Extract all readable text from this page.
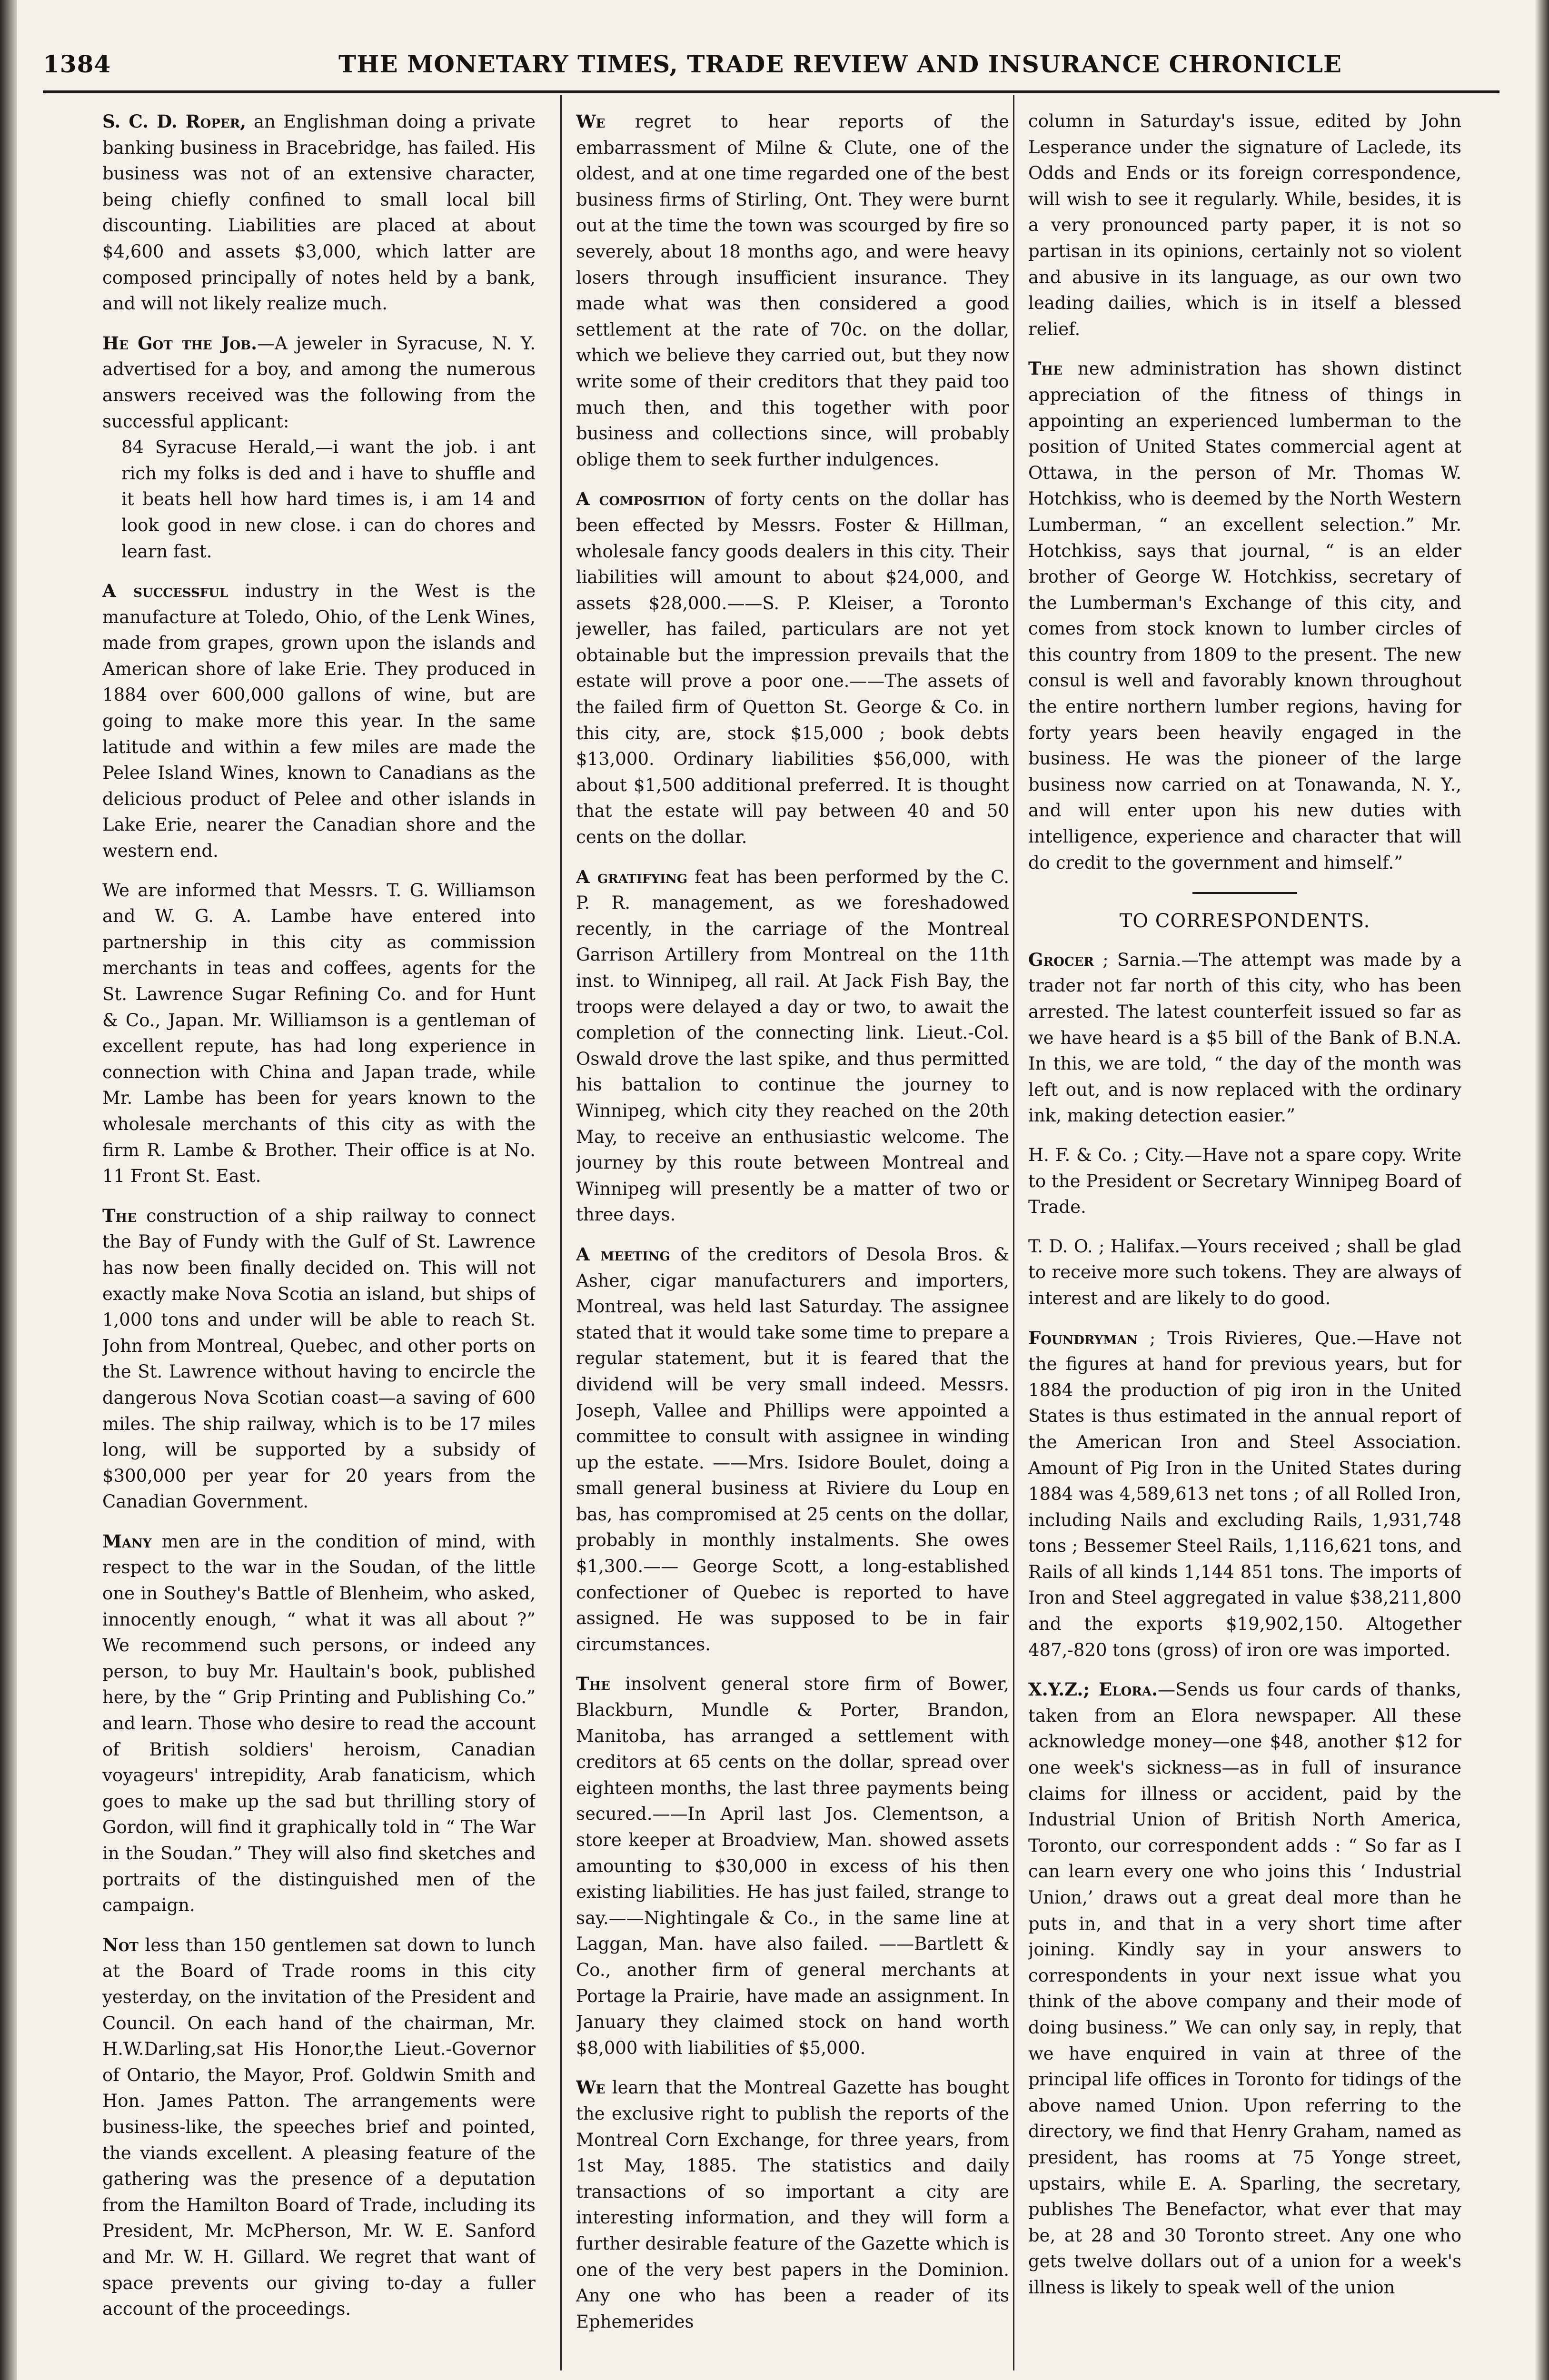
1384	THE MONETARY TIMES, TRADE REVIEW AND INSURANCE CHRONICLE

S. C. D. Roper, an Englishman doing a private banking business in Bracebridge, has failed. His business was not of an extensive character, being chiefly confined to small local bill discounting. Liabilities are placed at about $4,600 and assets $3,000, which latter are composed principally of notes held by a bank, and will not likely realize much.

He Got the Job.—A jeweler in Syracuse, N. Y. advertised for a boy, and among the numerous answers received was the following from the successful applicant:

84 Syracuse Herald,—i want the job. i ant rich my folks is ded and i have to shuffle and it beats hell how hard times is, i am 14 and look good in new close. i can do chores and learn fast.

A successful industry in the West is the manufacture at Toledo, Ohio, of the Lenk Wines, made from grapes, grown upon the islands and American shore of lake Erie. They produced in 1884 over 600,000 gallons of wine, but are going to make more this year. In the same latitude and within a few miles are made the Pelee Island Wines, known to Canadians as the delicious product of Pelee and other islands in Lake Erie, nearer the Canadian shore and the western end.

We are informed that Messrs. T. G. Williamson and W. G. A. Lambe have entered into partnership in this city as commission merchants in teas and coffees, agents for the St. Lawrence Sugar Refining Co. and for Hunt & Co., Japan. Mr. Williamson is a gentleman of excellent repute, has had long experience in connection with China and Japan trade, while Mr. Lambe has been for years known to the wholesale merchants of this city as with the firm R. Lambe & Brother. Their office is at No. 11 Front St. East.

The construction of a ship railway to connect the Bay of Fundy with the Gulf of St. Lawrence has now been finally decided on. This will not exactly make Nova Scotia an island, but ships of 1,000 tons and under will be able to reach St. John from Montreal, Quebec, and other ports on the St. Lawrence without having to encircle the dangerous Nova Scotian coast—a saving of 600 miles. The ship railway, which is to be 17 miles long, will be supported by a subsidy of $300,000 per year for 20 years from the Canadian Government.

Many men are in the condition of mind, with respect to the war in the Soudan, of the little one in Southey's Battle of Blenheim, who asked, innocently enough, “ what it was all about ?” We recommend such persons, or indeed any person, to buy Mr. Haultain's book, published here, by the “ Grip Printing and Publishing Co.” and learn. Those who desire to read the account of British soldiers' heroism, Canadian voyageurs' intrepidity, Arab fanaticism, which goes to make up the sad but thrilling story of Gordon, will find it graphically told in “ The War in the Soudan.” They will also find sketches and portraits of the distinguished men of the campaign.

Not less than 150 gentlemen sat down to lunch at the Board of Trade rooms in this city yesterday, on the invitation of the President and Council. On each hand of the chairman, Mr. H.W.Darling,sat His Honor,the Lieut.-Governor of Ontario, the Mayor, Prof. Goldwin Smith and Hon. James Patton. The arrangements were business-like, the speeches brief and pointed, the viands excellent. A pleasing feature of the gathering was the presence of a deputation from the Hamilton Board of Trade, including its President, Mr. McPherson, Mr. W. E. Sanford and Mr. W. H. Gillard. We regret that want of space prevents our giving to-day a fuller account of the proceedings.

We regret to hear reports of the embarrassment of Milne & Clute, one of the oldest, and at one time regarded one of the best business firms of Stirling, Ont. They were burnt out at the time the town was scourged by fire so severely, about 18 months ago, and were heavy losers through insufficient insurance. They made what was then considered a good settlement at the rate of 70c. on the dollar, which we believe they carried out, but they now write some of their creditors that they paid too much then, and this together with poor business and collections since, will probably oblige them to seek further indulgences.

A composition of forty cents on the dollar has been effected by Messrs. Foster & Hillman, wholesale fancy goods dealers in this city. Their liabilities will amount to about $24,000, and assets $28,000.——S. P. Kleiser, a Toronto jeweller, has failed, particulars are not yet obtainable but the impression prevails that the estate will prove a poor one.——The assets of the failed firm of Quetton St. George & Co. in this city, are, stock $15,000 ; book debts $13,000. Ordinary liabilities $56,000, with about $1,500 additional preferred. It is thought that the estate will pay between 40 and 50 cents on the dollar.

A gratifying feat has been performed by the C. P. R. management, as we foreshadowed recently, in the carriage of the Montreal Garrison Artillery from Montreal on the 11th inst. to Winnipeg, all rail. At Jack Fish Bay, the troops were delayed a day or two, to await the completion of the connecting link. Lieut.-Col. Oswald drove the last spike, and thus permitted his battalion to continue the journey to Winnipeg, which city they reached on the 20th May, to receive an enthusiastic welcome. The journey by this route between Montreal and Winnipeg will presently be a matter of two or three days.

A meeting of the creditors of Desola Bros. & Asher, cigar manufacturers and importers, Montreal, was held last Saturday. The assignee stated that it would take some time to prepare a regular statement, but it is feared that the dividend will be very small indeed. Messrs. Joseph, Vallee and Phillips were appointed a committee to consult with assignee in winding up the estate. ——Mrs. Isidore Boulet, doing a small general business at Riviere du Loup en bas, has compromised at 25 cents on the dollar, probably in monthly instalments. She owes $1,300.—— George Scott, a long-established confectioner of Quebec is reported to have assigned. He was supposed to be in fair circumstances.

The insolvent general store firm of Bower, Blackburn, Mundle & Porter, Brandon, Manitoba, has arranged a settlement with creditors at 65 cents on the dollar, spread over eighteen months, the last three payments being secured.——In April last Jos. Clementson, a store keeper at Broadview, Man. showed assets amounting to $30,000 in excess of his then existing liabilities. He has just failed, strange to say.——Nightingale & Co., in the same line at Laggan, Man. have also failed. ——Bartlett & Co., another firm of general merchants at Portage la Prairie, have made an assignment. In January they claimed stock on hand worth $8,000 with liabilities of $5,000.

We learn that the Montreal Gazette has bought the exclusive right to publish the reports of the Montreal Corn Exchange, for three years, from 1st May, 1885. The statistics and daily transactions of so important a city are interesting information, and they will form a further desirable feature of the Gazette which is one of the very best papers in the Dominion. Any one who has been a reader of its Ephemerides

column in Saturday's issue, edited by John Lesperance under the signature of Laclede, its Odds and Ends or its foreign correspondence, will wish to see it regularly. While, besides, it is a very pronounced party paper, it is not so partisan in its opinions, certainly not so violent and abusive in its language, as our own two leading dailies, which is in itself a blessed relief.

The new administration has shown distinct appreciation of the fitness of things in appointing an experienced lumberman to the position of United States commercial agent at Ottawa, in the person of Mr. Thomas W. Hotchkiss, who is deemed by the North Western Lumberman, “ an excellent selection.” Mr. Hotchkiss, says that journal, “ is an elder brother of George W. Hotchkiss, secretary of the Lumberman's Exchange of this city, and comes from stock known to lumber circles of this country from 1809 to the present. The new consul is well and favorably known throughout the entire northern lumber regions, having for forty years been heavily engaged in the business. He was the pioneer of the large business now carried on at Tonawanda, N. Y., and will enter upon his new duties with intelligence, experience and character that will do credit to the government and himself.”

TO CORRESPONDENTS.

Grocer ; Sarnia.—The attempt was made by a trader not far north of this city, who has been arrested. The latest counterfeit issued so far as we have heard is a $5 bill of the Bank of B.N.A. In this, we are told, “ the day of the month was left out, and is now replaced with the ordinary ink, making detection easier.”

H. F. & Co. ; City.—Have not a spare copy. Write to the President or Secretary Winnipeg Board of Trade.

T. D. O. ; Halifax.—Yours received ; shall be glad to receive more such tokens. They are always of interest and are likely to do good.

Foundryman ; Trois Rivieres, Que.—Have not the figures at hand for previous years, but for 1884 the production of pig iron in the United States is thus estimated in the annual report of the American Iron and Steel Association. Amount of Pig Iron in the United States during 1884 was 4,589,613 net tons ; of all Rolled Iron, including Nails and excluding Rails, 1,931,748 tons ; Bessemer Steel Rails, 1,116,621 tons, and Rails of all kinds 1,144 851 tons. The imports of Iron and Steel aggregated in value $38,211,800 and the exports $19,902,150. Altogether 487,-820 tons (gross) of iron ore was imported.

X.Y.Z.; Elora.—Sends us four cards of thanks, taken from an Elora newspaper. All these acknowledge money—one $48, another $12 for one week's sickness—as in full of insurance claims for illness or accident, paid by the Industrial Union of British North America, Toronto, our correspondent adds : “ So far as I can learn every one who joins this ‘ Industrial Union,’ draws out a great deal more than he puts in, and that in a very short time after joining. Kindly say in your answers to correspondents in your next issue what you think of the above company and their mode of doing business.” We can only say, in reply, that we have enquired in vain at three of the principal life offices in Toronto for tidings of the above named Union. Upon referring to the directory, we find that Henry Graham, named as president, has rooms at 75 Yonge street, upstairs, while E. A. Sparling, the secretary, publishes The Benefactor, what ever that may be, at 28 and 30 Toronto street. Any one who gets twelve dollars out of a union for a week's illness is likely to speak well of the union
